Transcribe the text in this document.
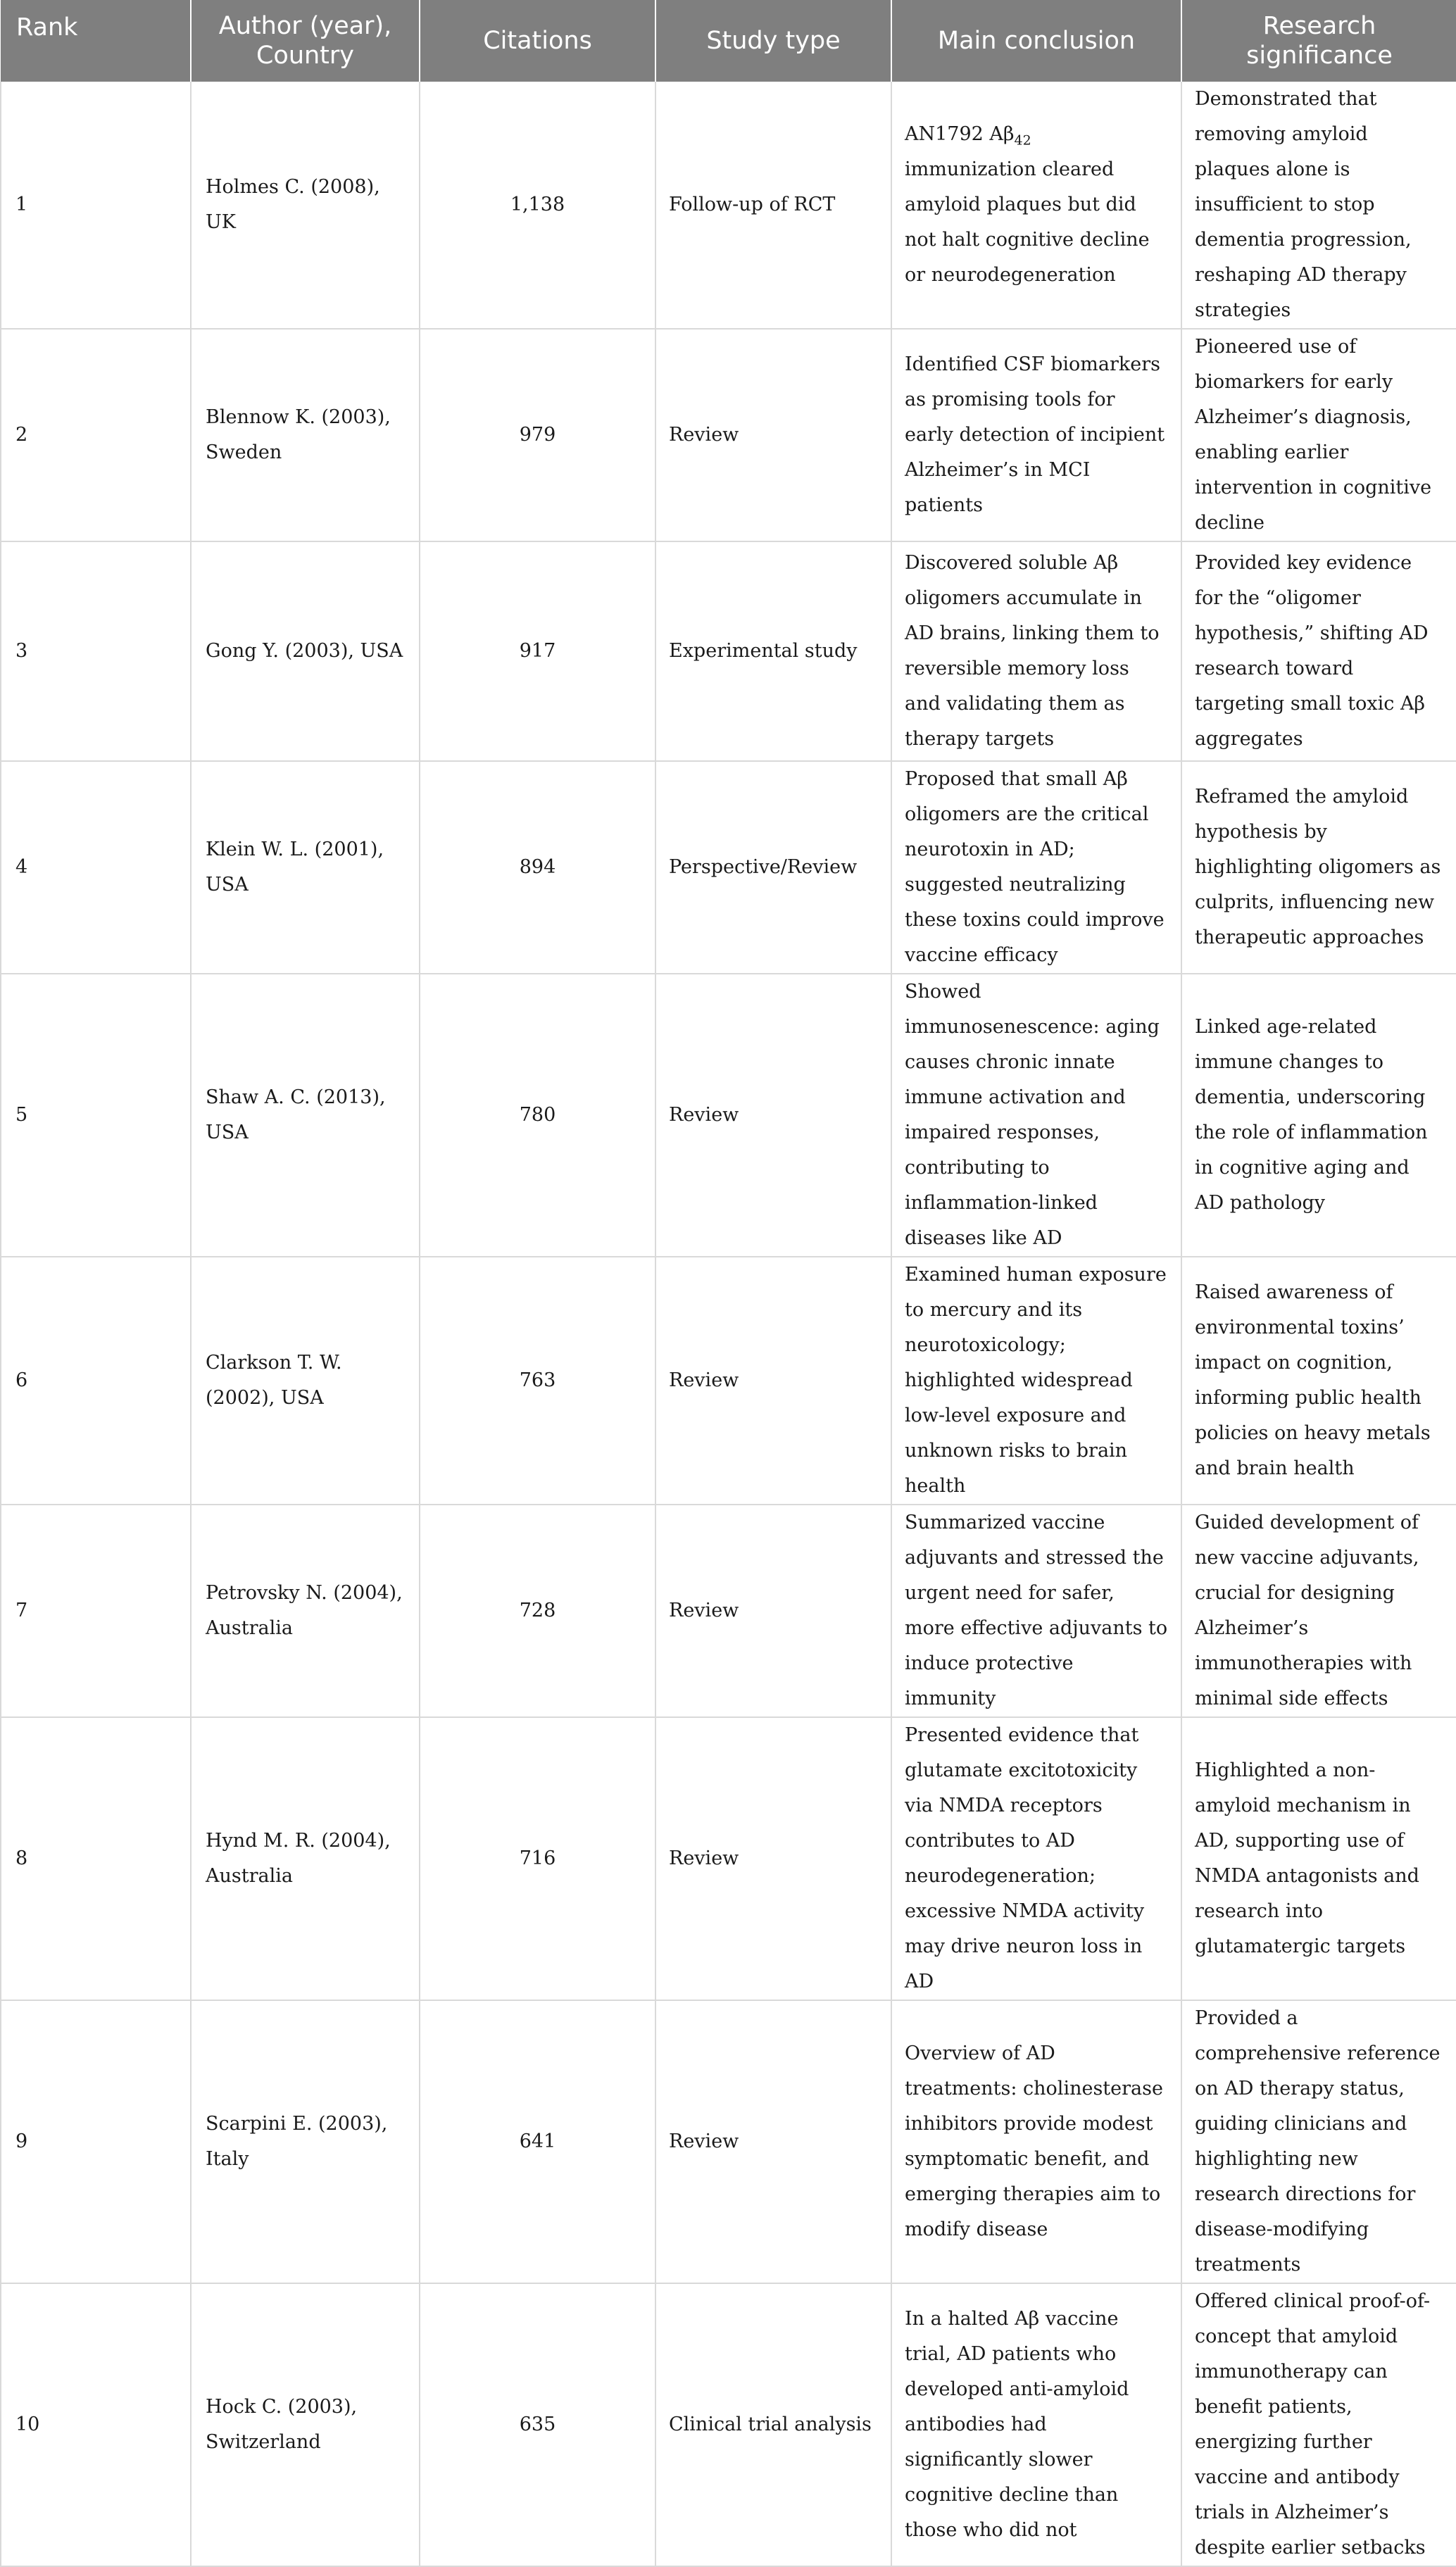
Rank	Author (year), Country	Citations	Study type	Main conclusion	Research significance
1	Holmes C. (2008), UK	1,138	Follow-up of RCT	AN1792 $A\beta_{42}$ immunization cleared amyloid plaques but did not halt cognitive decline or neurodegeneration	Demonstrated that removing amyloid plaques alone is insufficient to stop dementia progression, reshaping AD therapy strategies
2	Blennow K. (2003), Sweden	979	Review	Identified CSF biomarkers as promising tools for early detection of incipient Alzheimer’s in MCI patients	Pioneered use of biomarkers for early Alzheimer’s diagnosis, enabling earlier intervention in cognitive decline
3	Gong Y. (2003), USA	917	Experimental study	Discovered soluble Aβ oligomers accumulate in AD brains, linking them to reversible memory loss and validating them as therapy targets	Provided key evidence for the “oligomer hypothesis,” shifting AD research toward targeting small toxic Aβ aggregates
4	Klein W. L. (2001), USA	894	Perspective/Review	Proposed that small Aβ oligomers are the critical neurotoxin in AD; suggested neutralizing these toxins could improve vaccine efficacy	Reframed the amyloid hypothesis by highlighting oligomers as culprits, influencing new therapeutic approaches
5	Shaw A. C. (2013), USA	780	Review	Showed immunosenescence: aging causes chronic innate immune activation and impaired responses, contributing to inflammation-linked diseases like AD	Linked age-related immune changes to dementia, underscoring the role of inflammation in cognitive aging and AD pathology
6	Clarkson T. W. (2002), USA	763	Review	Examined human exposure to mercury and its neurotoxicology; highlighted widespread low-level exposure and unknown risks to brain health	Raised awareness of environmental toxins’ impact on cognition, informing public health policies on heavy metals and brain health
7	Petrovsky N. (2004), Australia	728	Review	Summarized vaccine adjuvants and stressed the urgent need for safer, more effective adjuvants to induce protective immunity	Guided development of new vaccine adjuvants, crucial for designing Alzheimer’s immunotherapies with minimal side effects
8	Hynd M. R. (2004), Australia	716	Review	Presented evidence that glutamate excitotoxicity via NMDA receptors contributes to AD neurodegeneration; excessive NMDA activity may drive neuron loss in AD	Highlighted a non-amyloid mechanism in AD, supporting use of NMDA antagonists and research into glutamatergic targets
9	Scarpini E. (2003), Italy	641	Review	Overview of AD treatments: cholinesterase inhibitors provide modest symptomatic benefit, and emerging therapies aim to modify disease	Provided a comprehensive reference on AD therapy status, guiding clinicians and highlighting new research directions for disease-modifying treatments
10	Hock C. (2003), Switzerland	635	Clinical trial analysis	In a halted Aβ vaccine trial, AD patients who developed anti-amyloid antibodies had significantly slower cognitive decline than those who did not	Offered clinical proof-of-concept that amyloid immunotherapy can benefit patients, energizing further vaccine and antibody trials in Alzheimer’s despite earlier setbacks
